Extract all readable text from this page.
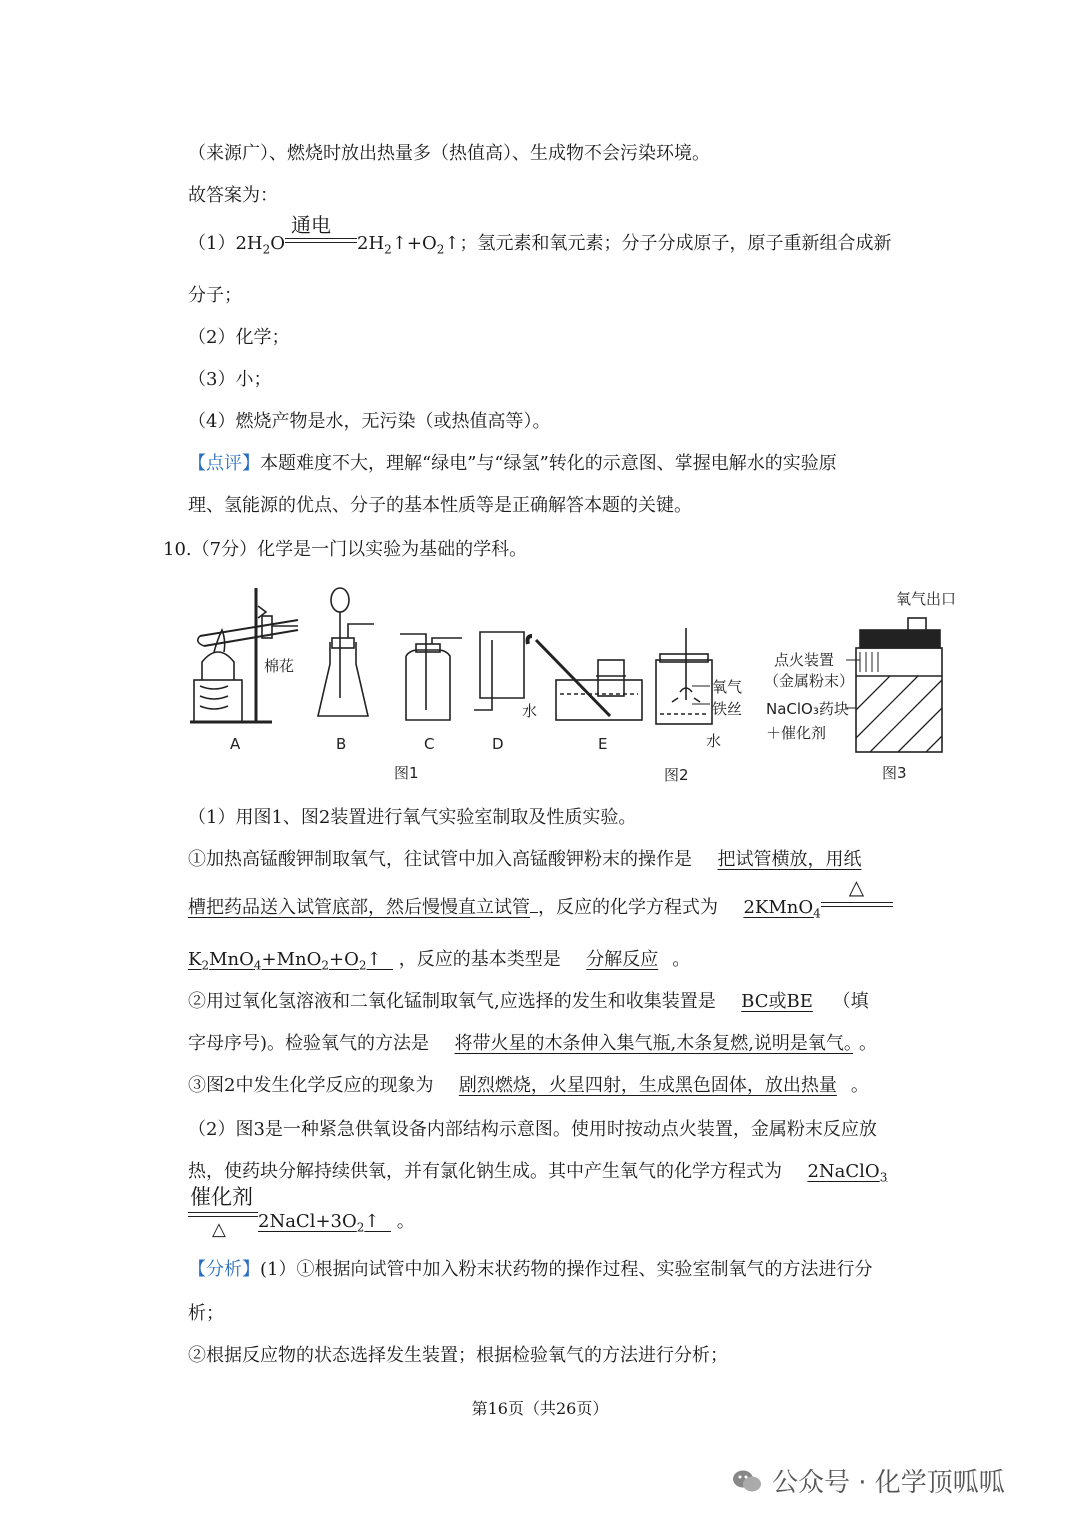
（来源广）、燃烧时放出热量多（热值高）、生成物不会污染环境。
故答案为：
$(1)2H_2O$
通电
$2H_2↑+O_2↑$；氢元素和氧元素；分子分成原子，原子重新组合成新
分子；
（2）化学；
（3）小；
（4）燃烧产物是水，无污染（或热值高等）。
【点评】本题难度不大，理解“绿电”与“绿氢”转化的示意图、掌握电解水的实验原
理、氢能源的优点、分子的基本性质等是正确解答本题的关键。
10.（7分）化学是一门以实验为基础的学科。
棉花
水
氧气
铁丝
水
氧气出口
点火装置
（金属粉末）
NaClO₃药块
＋催化剂
A	B	C	D	E
图1	图2	图3
（1）用图1、图2装置进行氧气实验室制取及性质实验。
①加热高锰酸钾制取氧气，往试管中加入高锰酸钾粉末的操作是 把试管横放，用纸
槽把药品送入试管底部，然后慢慢直立试管 ，反应的化学方程式为 2KMnO$_4$
△
$K_2MnO_4+MnO_2+O_2↑$ ，反应的基本类型是 分解反应 。
②用过氧化氢溶液和二氧化锰制取氧气,应选择的发生和收集装置是 BC或BE （填
字母序号)。检验氧气的方法是 将带火星的木条伸入集气瓶,木条复燃,说明是氧气。 。
③图2中发生化学反应的现象为 剧烈燃烧，火星四射，生成黑色固体，放出热量 。
（2）图3是一种紧急供氧设备内部结构示意图。使用时按动点火装置，金属粉末反应放
热，使药块分解持续供氧，并有氯化钠生成。其中产生氧气的化学方程式为 2NaClO$_3$
催化剂
△ $2NaCl+3O_2↑$ 。
【分析】(1）①根据向试管中加入粉末状药物的操作过程、实验室制氧气的方法进行分
析；
②根据反应物的状态选择发生装置；根据检验氧气的方法进行分析；
第16页（共26页）
公众号 · 化学顶呱呱
